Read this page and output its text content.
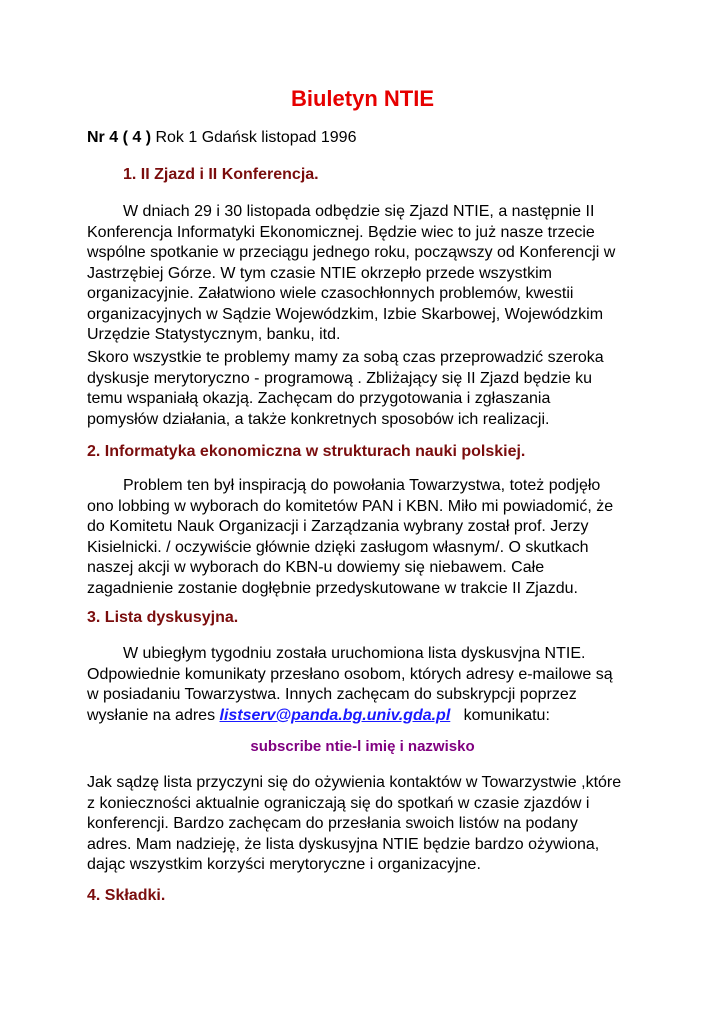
Biuletyn NTIE
Nr 4 ( 4 ) Rok 1 Gdańsk listopad 1996
1. II Zjazd i II Konferencja.
W dniach 29 i 30 listopada odbędzie się Zjazd NTIE, a następnie II
Konferencja Informatyki Ekonomicznej. Będzie wiec to już nasze trzecie
wspólne spotkanie w przeciągu jednego roku, począwszy od Konferencji w
Jastrzębiej Górze. W tym czasie NTIE okrzepło przede wszystkim
organizacyjnie. Załatwiono wiele czasochłonnych problemów, kwestii
organizacyjnych w Sądzie Wojewódzkim, Izbie Skarbowej, Wojewódzkim
Urzędzie Statystycznym, banku, itd.
Skoro wszystkie te problemy mamy za sobą czas przeprowadzić szeroka
dyskusje merytoryczno - programową . Zbliżający się II Zjazd będzie ku
temu wspaniałą okazją. Zachęcam do przygotowania i zgłaszania
pomysłów działania, a także konkretnych sposobów ich realizacji.
2. Informatyka ekonomiczna w strukturach nauki polskiej.
Problem ten był inspiracją do powołania Towarzystwa, toteż podjęło
ono lobbing w wyborach do komitetów PAN i KBN. Miło mi powiadomić, że
do Komitetu Nauk Organizacji i Zarządzania wybrany został prof. Jerzy
Kisielnicki. / oczywiście głównie dzięki zasługom własnym/. O skutkach
naszej akcji w wyborach do KBN-u dowiemy się niebawem. Całe
zagadnienie zostanie dogłębnie przedyskutowane w trakcie II Zjazdu.
3. Lista dyskusyjna.
W ubiegłym tygodniu została uruchomiona lista dyskusvjna NTIE.
Odpowiednie komunikaty przesłano osobom, których adresy e-mailowe są
w posiadaniu Towarzystwa. Innych zachęcam do subskrypcji poprzez
wysłanie na adres listserv@panda.bg.univ.gda.pl   komunikatu:
subscribe ntie-l imię i nazwisko
Jak sądzę lista przyczyni się do ożywienia kontaktów w Towarzystwie ,które
z konieczności aktualnie ograniczają się do spotkań w czasie zjazdów i
konferencji. Bardzo zachęcam do przesłania swoich listów na podany
adres. Mam nadzieję, że lista dyskusyjna NTIE będzie bardzo ożywiona,
dając wszystkim korzyści merytoryczne i organizacyjne.
4. Składki.
